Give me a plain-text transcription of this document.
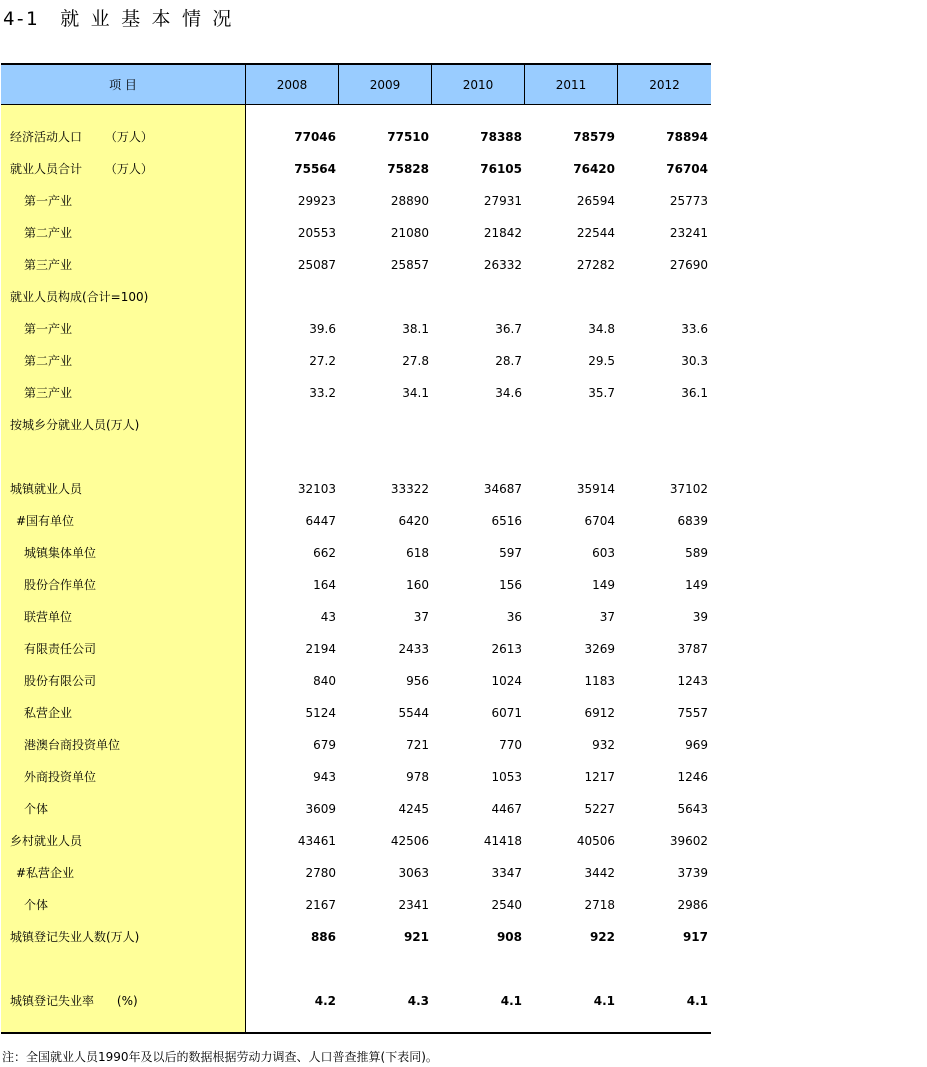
4-1  就 业 基 本 情 况
项 目	2008	2009	2010	2011	2012
经济活动人口      （万人）	77046	77510	78388	78579	78894
就业人员合计      （万人）	75564	75828	76105	76420	76704
第一产业	29923	28890	27931	26594	25773
第二产业	20553	21080	21842	22544	23241
第三产业	25087	25857	26332	27282	27690
就业人员构成(合计=100)
第一产业	39.6	38.1	36.7	34.8	33.6
第二产业	27.2	27.8	28.7	29.5	30.3
第三产业	33.2	34.1	34.6	35.7	36.1
按城乡分就业人员(万人)
城镇就业人员	32103	33322	34687	35914	37102
#国有单位	6447	6420	6516	6704	6839
城镇集体单位	662	618	597	603	589
股份合作单位	164	160	156	149	149
联营单位	43	37	36	37	39
有限责任公司	2194	2433	2613	3269	3787
股份有限公司	840	956	1024	1183	1243
私营企业	5124	5544	6071	6912	7557
港澳台商投资单位	679	721	770	932	969
外商投资单位	943	978	1053	1217	1246
个体	3609	4245	4467	5227	5643
乡村就业人员	43461	42506	41418	40506	39602
#私营企业	2780	3063	3347	3442	3739
个体	2167	2341	2540	2718	2986
城镇登记失业人数(万人)	886	921	908	922	917
城镇登记失业率      (%)	4.2	4.3	4.1	4.1	4.1
注：全国就业人员1990年及以后的数据根据劳动力调查、人口普查推算(下表同)。
